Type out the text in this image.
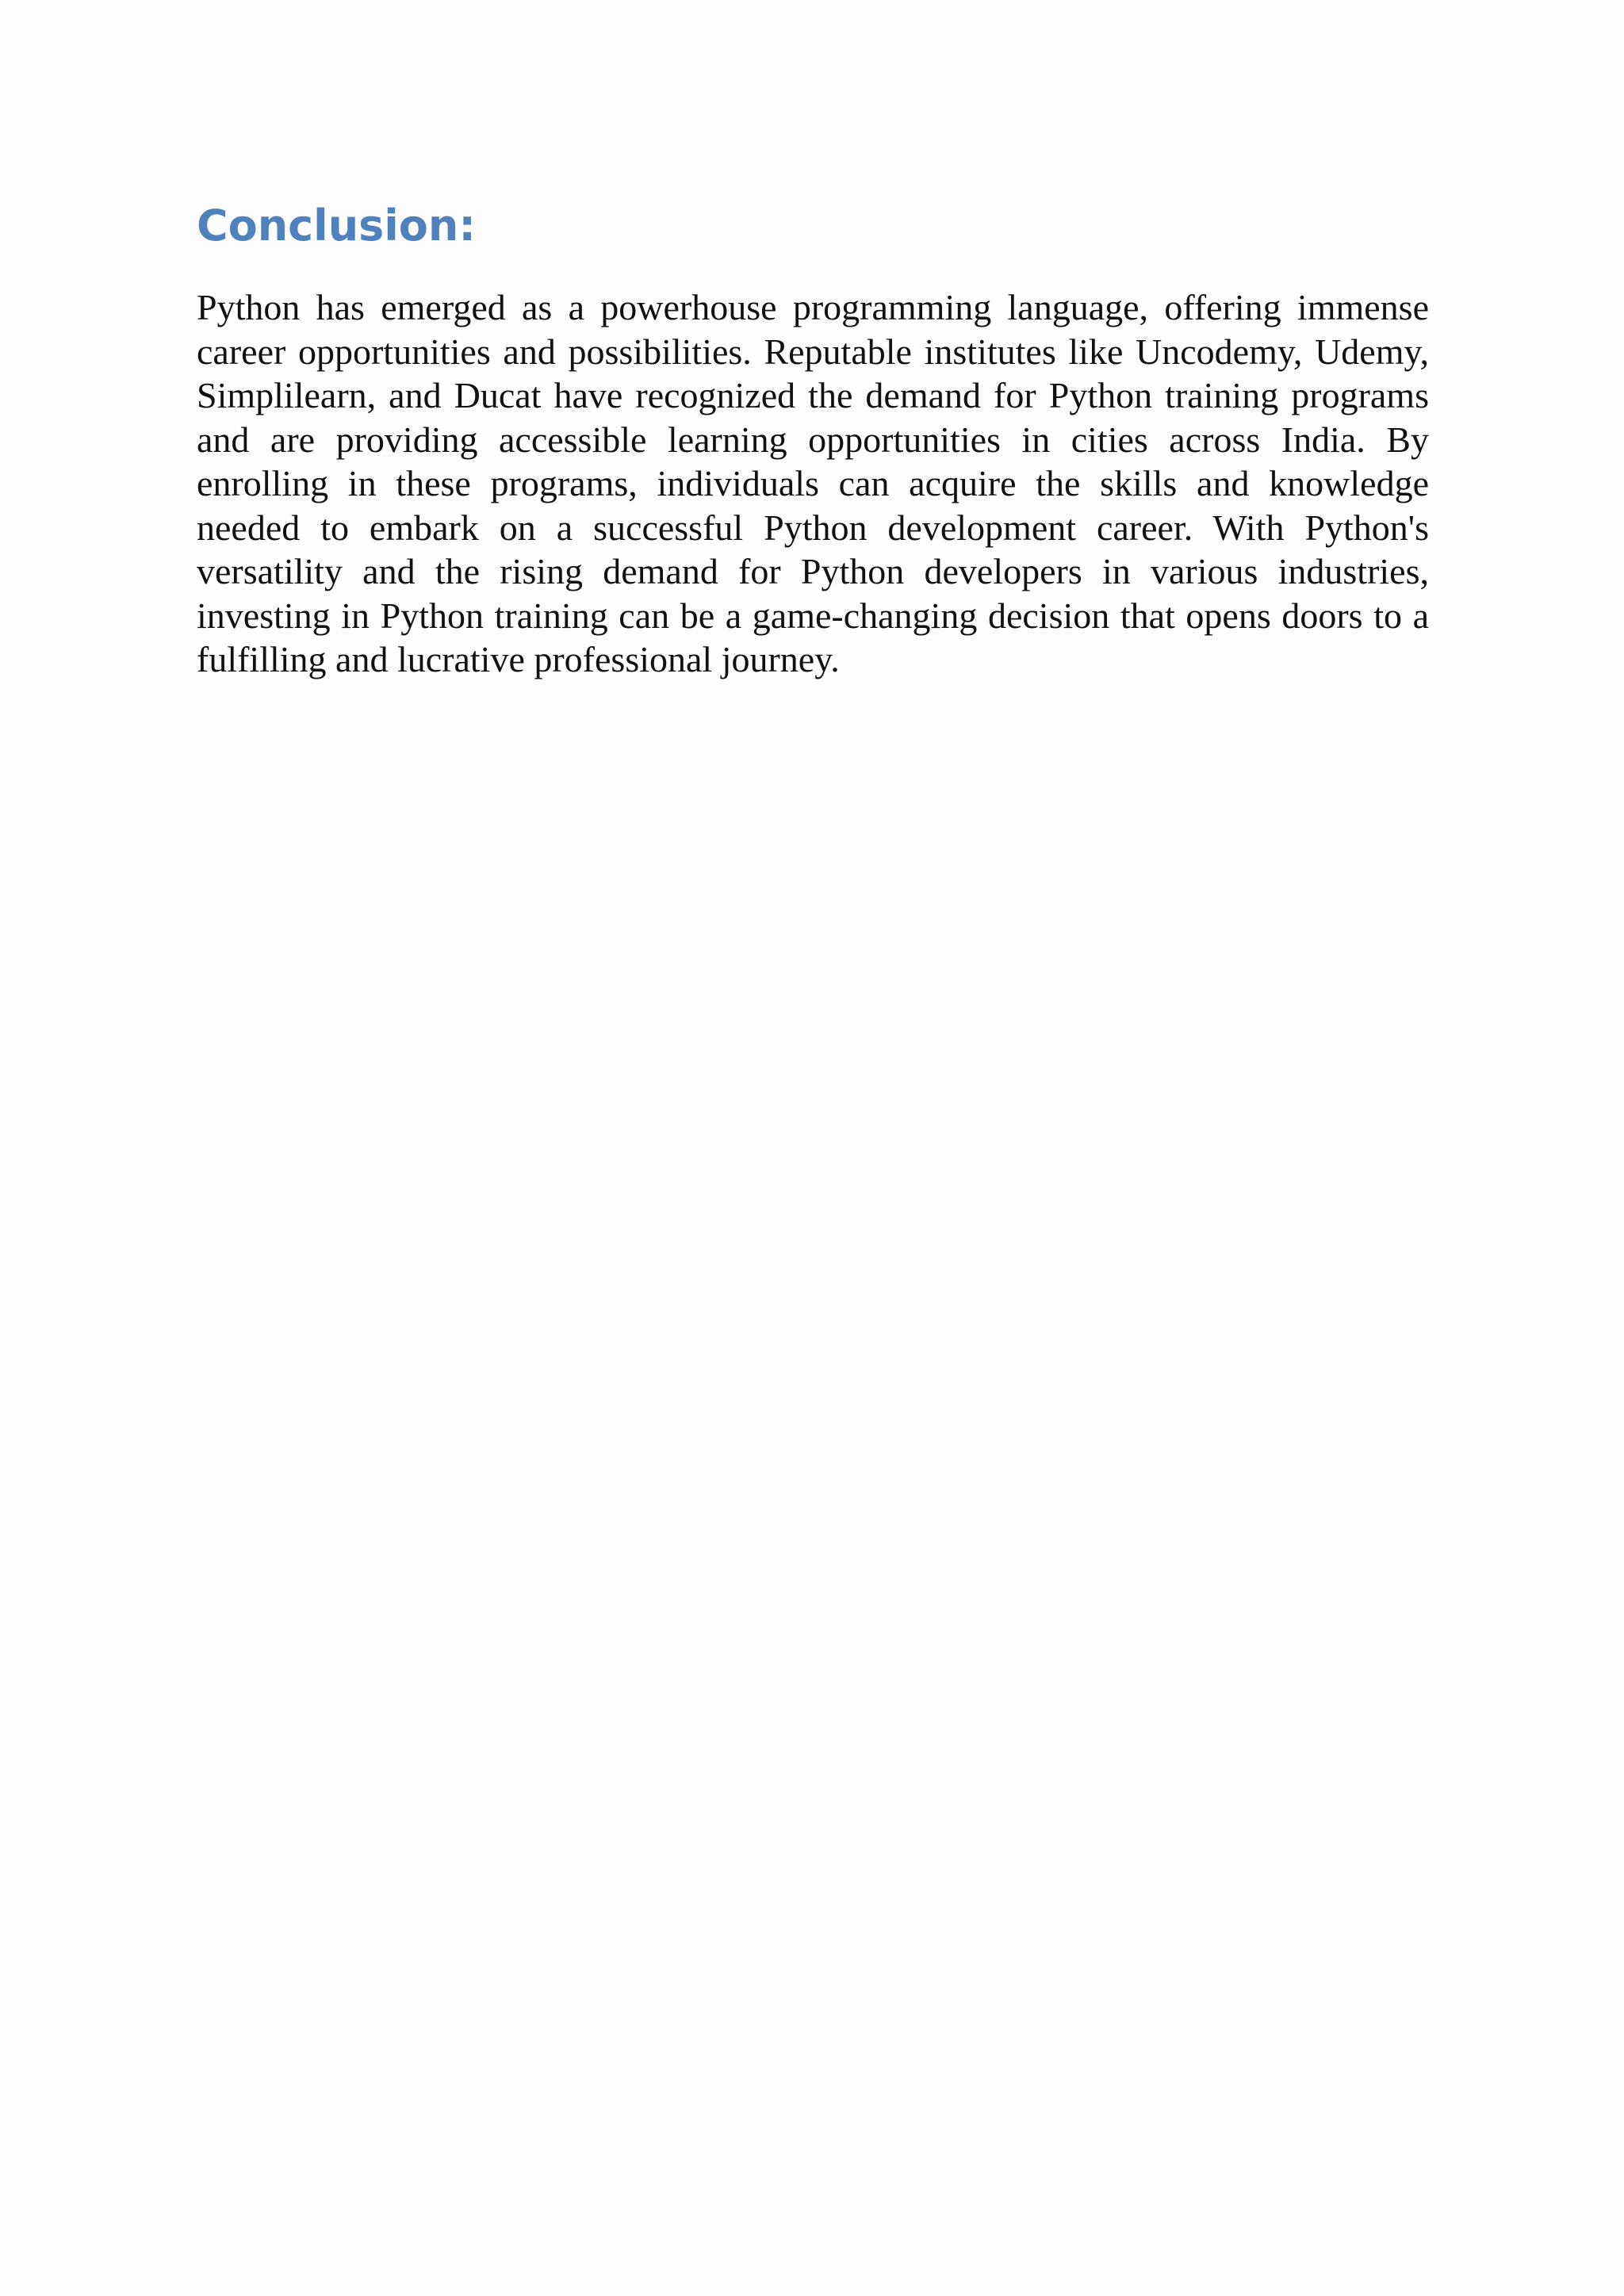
Conclusion:

Python has emerged as a powerhouse programming language, offering immense career opportunities and possibilities. Reputable institutes like Uncodemy, Udemy, Simplilearn, and Ducat have recognized the demand for Python training programs and are providing accessible learning opportunities in cities across India. By enrolling in these programs, individuals can acquire the skills and knowledge needed to embark on a successful Python development career. With Python's versatility and the rising demand for Python developers in various industries, investing in Python training can be a game-changing decision that opens doors to a fulfilling and lucrative professional journey.
